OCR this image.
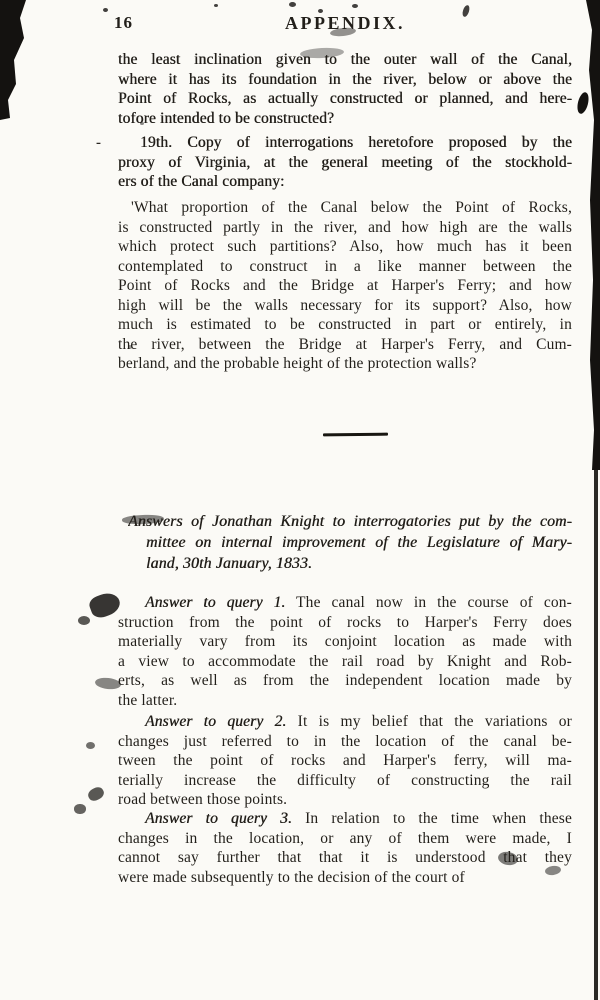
-
16	APPENDIX.
the least inclination given to the outer wall of the Canal,
where it has its foundation in the river, below or above the
Point of Rocks, as actually constructed or planned, and here-
tofore intended to be constructed?
19th. Copy of interrogations heretofore proposed by the
proxy of Virginia, at the general meeting of the stockhold-
ers of the Canal company:
'What proportion of the Canal below the Point of Rocks,
is constructed partly in the river, and how high are the walls
which protect such partitions? Also, how much has it been
contemplated to construct in a like manner between the
Point of Rocks and the Bridge at Harper's Ferry; and how
high will be the walls necessary for its support? Also, how
much is estimated to be constructed in part or entirely, in
the river, between the Bridge at Harper's Ferry, and Cum-
berland, and the probable height of the protection walls?
Answers of Jonathan Knight to interrogatories put by the com-
mittee on internal improvement of the Legislature of Mary-
land, 30th January, 1833.
Answer to query 1. The canal now in the course of con-
struction from the point of rocks to Harper's Ferry does
materially vary from its conjoint location as made with
a view to accommodate the rail road by Knight and Rob-
erts, as well as from the independent location made by
the latter.
Answer to query 2. It is my belief that the variations or
changes just referred to in the location of the canal be-
tween the point of rocks and Harper's ferry, will ma-
terially increase the difficulty of constructing the rail
road between those points.
Answer to query 3. In relation to the time when these
changes in the location, or any of them were made, I
cannot say further that that it is understood that they
were made subsequently to the decision of the court of
